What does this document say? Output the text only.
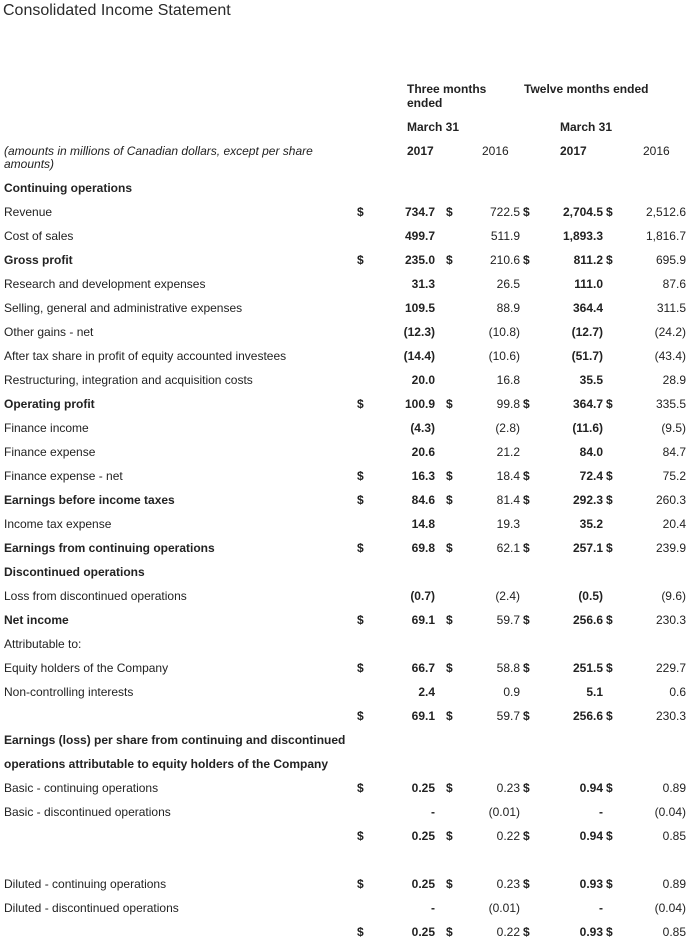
Consolidated Income Statement
Three months ended
Twelve months ended
March 31	March 31
(amounts in millions of Canadian dollars, except per share amounts)
2017	2016	2017	2016
Continuing operations
Revenue	$	734.7 $	722.5 $	2,704.5 $	2,512.6
Cost of sales	499.7	511.9	1,893.3	1,816.7
Gross profit	$	235.0 $	210.6 $	811.2 $	695.9
Research and development expenses	31.3	26.5	111.0	87.6
Selling, general and administrative expenses	109.5	88.9	364.4	311.5
Other gains - net	(12.3)	(10.8)	(12.7)	(24.2)
After tax share in profit of equity accounted investees	(14.4)	(10.6)	(51.7)	(43.4)
Restructuring, integration and acquisition costs	20.0	16.8	35.5	28.9
Operating profit	$	100.9 $	99.8 $	364.7 $	335.5
Finance income	(4.3)	(2.8)	(11.6)	(9.5)
Finance expense	20.6	21.2	84.0	84.7
Finance expense - net	$	16.3 $	18.4 $	72.4 $	75.2
Earnings before income taxes	$	84.6 $	81.4 $	292.3 $	260.3
Income tax expense	14.8	19.3	35.2	20.4
Earnings from continuing operations	$	69.8 $	62.1 $	257.1 $	239.9
Discontinued operations
Loss from discontinued operations	(0.7)	(2.4)	(0.5)	(9.6)
Net income	$	69.1 $	59.7 $	256.6 $	230.3
Attributable to:
Equity holders of the Company	$	66.7 $	58.8 $	251.5 $	229.7
Non-controlling interests	2.4	0.9	5.1	0.6
$	69.1 $	59.7 $	256.6 $	230.3
Earnings (loss) per share from continuing and discontinued
operations attributable to equity holders of the Company
Basic - continuing operations	$	0.25 $	0.23 $	0.94 $	0.89
Basic - discontinued operations	-	(0.01)	-	(0.04)
$	0.25 $	0.22 $	0.94 $	0.85
Diluted - continuing operations	$	0.25 $	0.23 $	0.93 $	0.89
Diluted - discontinued operations	-	(0.01)	-	(0.04)
$	0.25 $	0.22 $	0.93 $	0.85
